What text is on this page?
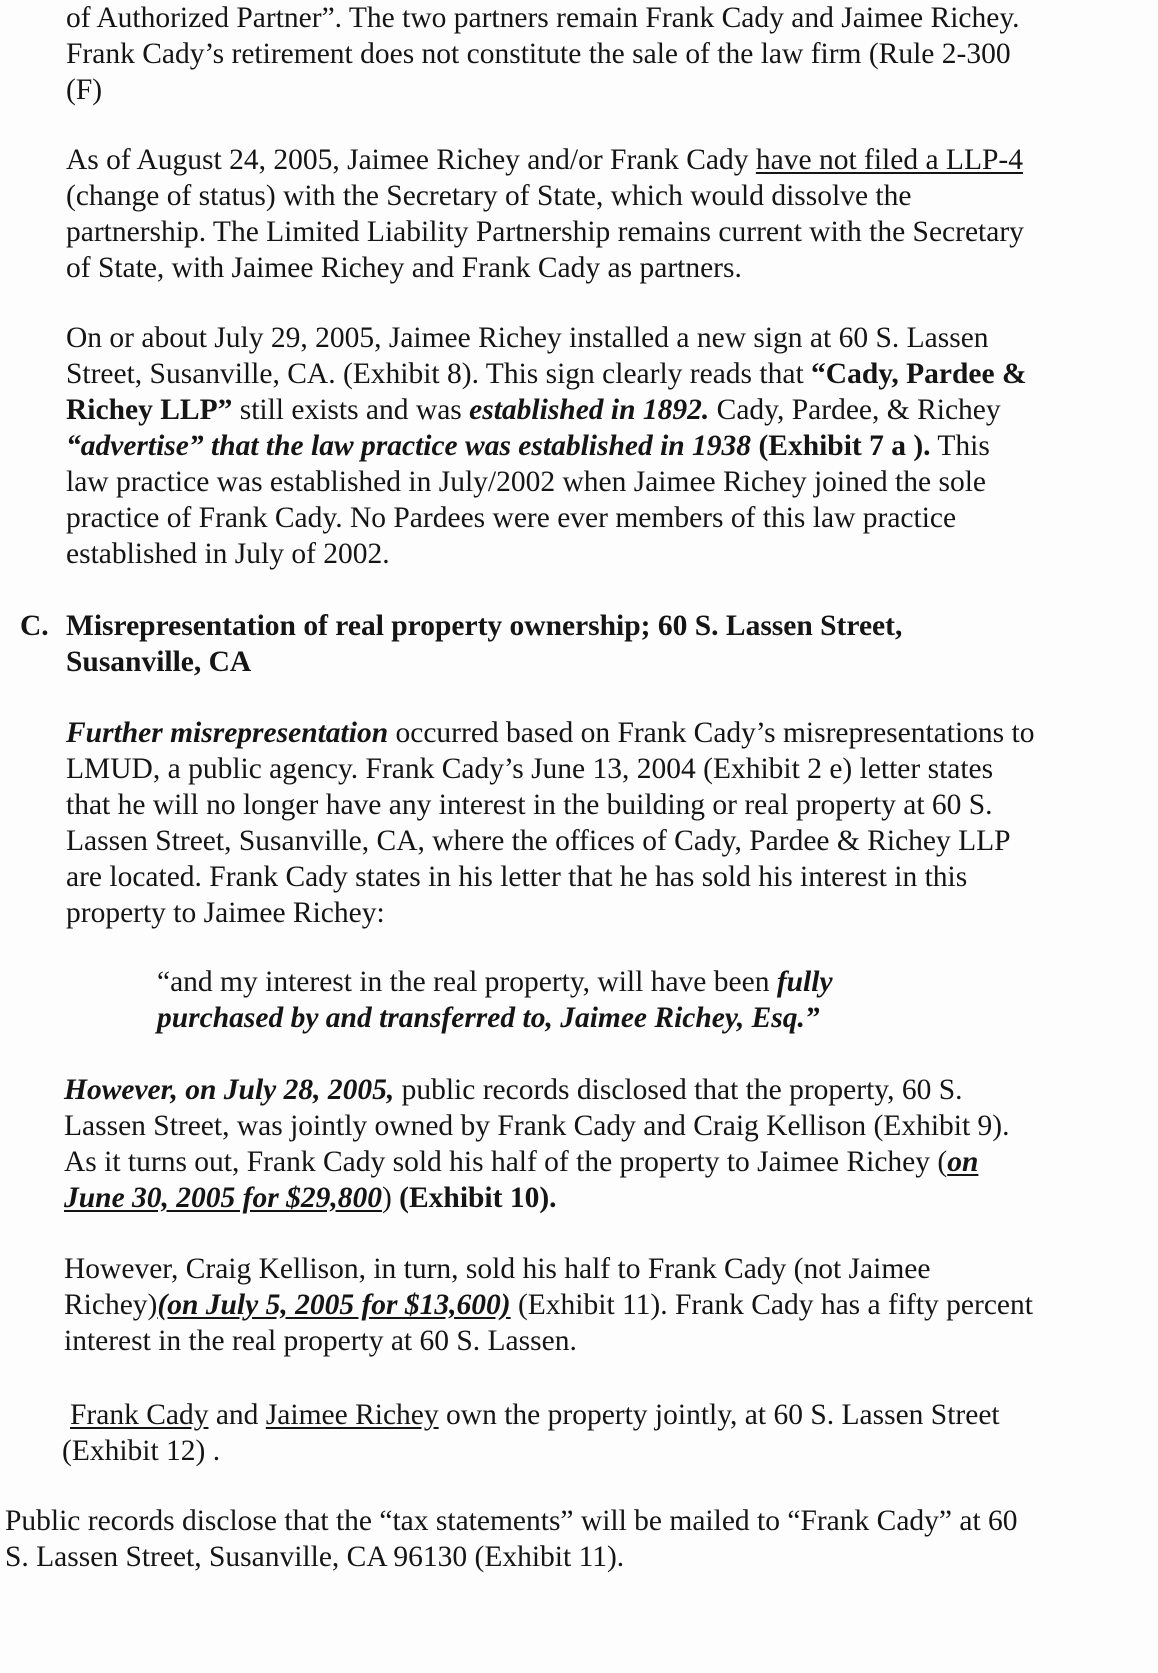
of Authorized Partner”. The two partners remain Frank Cady and Jaimee Richey.
Frank Cady’s retirement does not constitute the sale of the law firm (Rule 2-300
(F)

As of August 24, 2005, Jaimee Richey and/or Frank Cady have not filed a LLP-4
(change of status) with the Secretary of State, which would dissolve the
partnership. The Limited Liability Partnership remains current with the Secretary
of State, with Jaimee Richey and Frank Cady as partners.

On or about July 29, 2005, Jaimee Richey installed a new sign at 60 S. Lassen
Street, Susanville, CA. (Exhibit 8). This sign clearly reads that “Cady, Pardee &
Richey LLP” still exists and was established in 1892. Cady, Pardee, & Richey
“advertise” that the law practice was established in 1938 (Exhibit 7 a ). This
law practice was established in July/2002 when Jaimee Richey joined the sole
practice of Frank Cady. No Pardees were ever members of this law practice
established in July of 2002.

C. Misrepresentation of real property ownership; 60 S. Lassen Street,
Susanville, CA

Further misrepresentation occurred based on Frank Cady’s misrepresentations to
LMUD, a public agency. Frank Cady’s June 13, 2004 (Exhibit 2 e) letter states
that he will no longer have any interest in the building or real property at 60 S.
Lassen Street, Susanville, CA, where the offices of Cady, Pardee & Richey LLP
are located. Frank Cady states in his letter that he has sold his interest in this
property to Jaimee Richey:

“and my interest in the real property, will have been fully
purchased by and transferred to, Jaimee Richey, Esq.”

However, on July 28, 2005, public records disclosed that the property, 60 S.
Lassen Street, was jointly owned by Frank Cady and Craig Kellison (Exhibit 9).
As it turns out, Frank Cady sold his half of the property to Jaimee Richey (on
June 30, 2005 for $29,800) (Exhibit 10).

However, Craig Kellison, in turn, sold his half to Frank Cady (not Jaimee
Richey)(on July 5, 2005 for $13,600) (Exhibit 11). Frank Cady has a fifty percent
interest in the real property at 60 S. Lassen.

Frank Cady and Jaimee Richey own the property jointly, at 60 S. Lassen Street
(Exhibit 12) .

Public records disclose that the “tax statements” will be mailed to “Frank Cady” at 60
S. Lassen Street, Susanville, CA 96130 (Exhibit 11).
